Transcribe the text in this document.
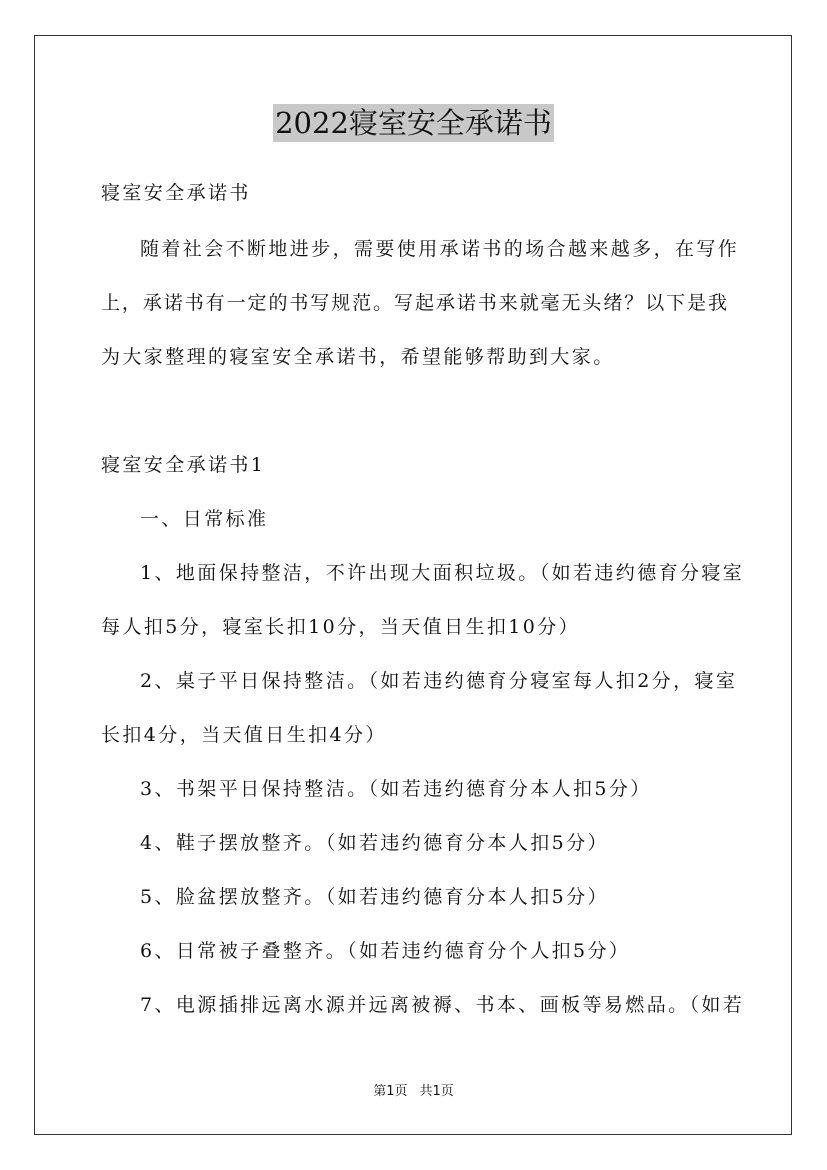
2022寝室安全承诺书
寝室安全承诺书
随着社会不断地进步，需要使用承诺书的场合越来越多，在写作
上，承诺书有一定的书写规范。写起承诺书来就毫无头绪？以下是我
为大家整理的寝室安全承诺书，希望能够帮助到大家。
寝室安全承诺书1
一、日常标准
1、地面保持整洁，不许出现大面积垃圾。（如若违约德育分寝室
每人扣5分，寝室长扣10分，当天值日生扣10分）
2、桌子平日保持整洁。（如若违约德育分寝室每人扣2分，寝室
长扣4分，当天值日生扣4分）
3、书架平日保持整洁。（如若违约德育分本人扣5分）
4、鞋子摆放整齐。（如若违约德育分本人扣5分）
5、脸盆摆放整齐。（如若违约德育分本人扣5分）
6、日常被子叠整齐。（如若违约德育分个人扣5分）
7、电源插排远离水源并远离被褥、书本、画板等易燃品。（如若
第1页 共1页
